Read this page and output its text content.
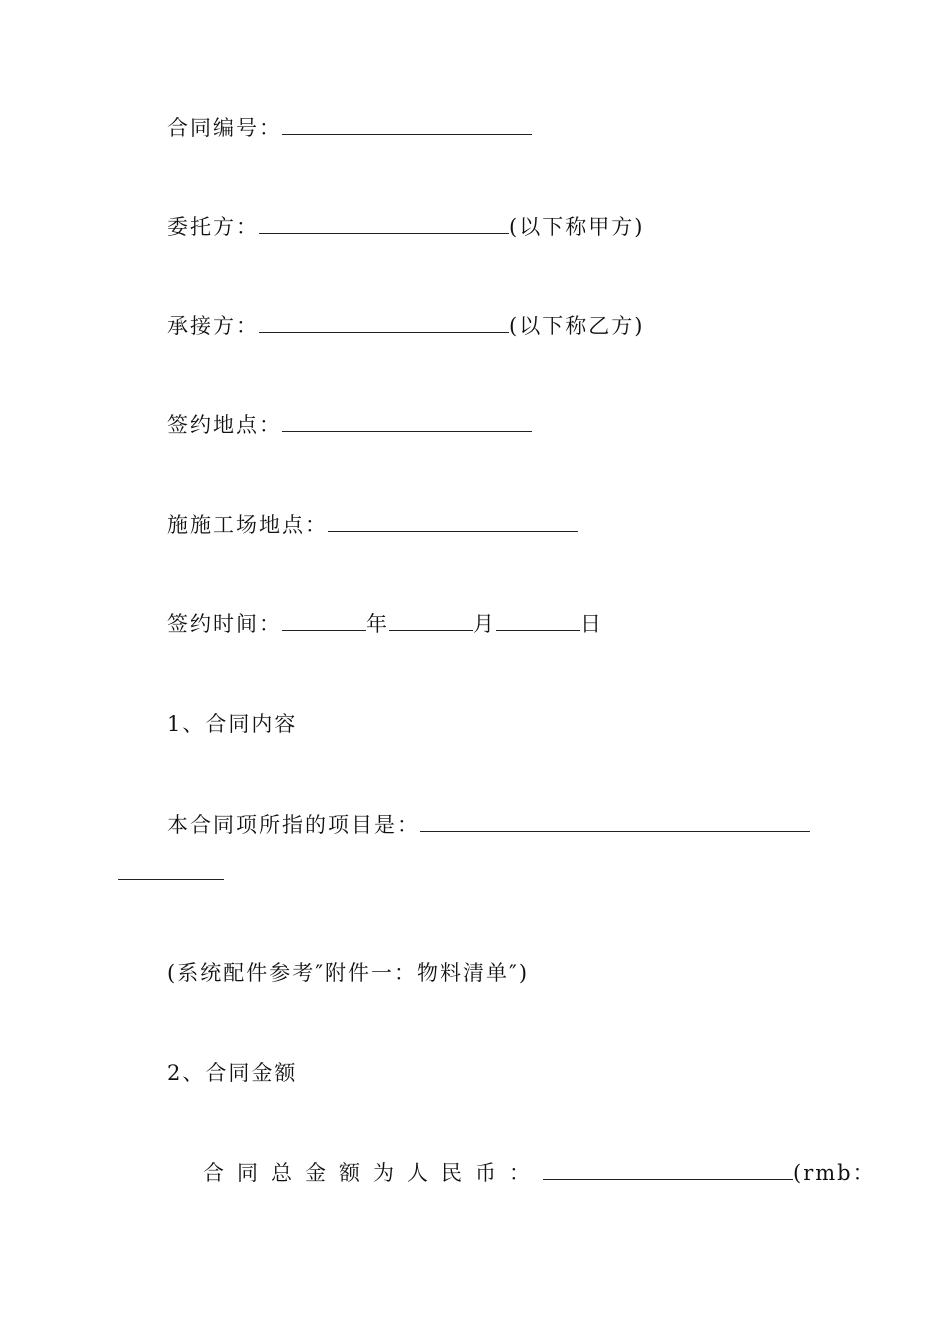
合同编号：
委托方：	(以下称甲方)
承接方：	(以下称乙方)
签约地点：
施施工场地点：
签约时间：	年	月	日
1、合同内容
本合同项所指的项目是：
(系统配件参考″附件一：物料清单″)
2、合同金额
合同总金额为人民币：	(rmb：
